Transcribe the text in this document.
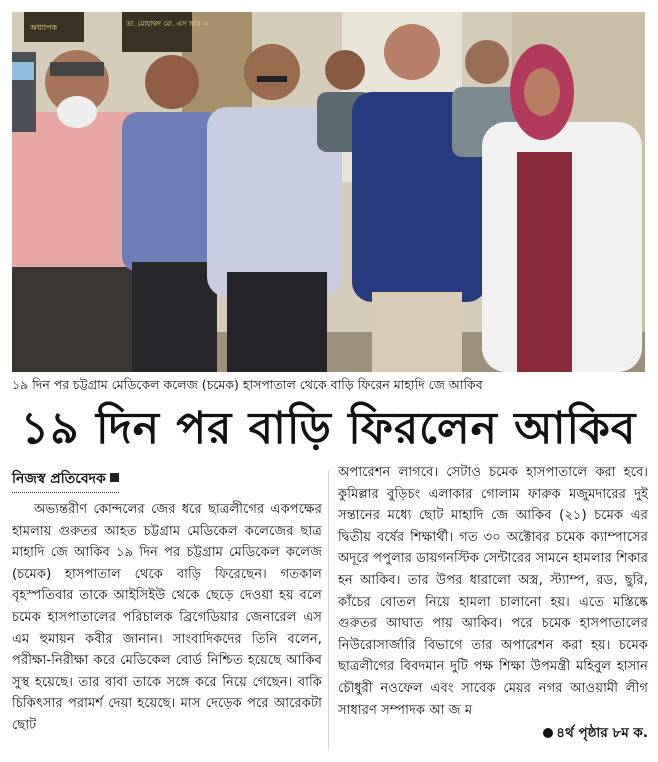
ডা. মোহাম্মদ মো. এস আর এ
অধ্যাপক
১৯ দিন পর চট্টগ্রাম মেডিকেল কলেজ (চমেক) হাসপাতাল থেকে বাড়ি ফিরেন মাহাদি জে আকিব
১৯ দিন পর বাড়ি ফিরলেন আকিব
নিজস্ব প্রতিবেদক

অভ্যন্তরীণ কোন্দলের জের ধরে ছাত্রলীগের একপক্ষের হামলায় গুরুতর আহত চট্টগ্রাম মেডিকেল কলেজের ছাত্র মাহাদি জে আকিব ১৯ দিন পর চট্টগ্রাম মেডিকেল কলেজ (চমেক) হাসপাতাল থেকে বাড়ি ফিরেছেন। গতকাল বৃহস্পতিবার তাকে আইসিইউ থেকে ছেড়ে দেওয়া হয় বলে চমেক হাসপাতালের পরিচালক ব্রিগেডিয়ার জেনারেল এস এম হুমায়ন কবীর জানান। সাংবাদিকদের তিনি বলেন, পরীক্ষা-নিরীক্ষা করে মেডিকেল বোর্ড নিশ্চিত হয়েছে আকিব সুস্থ হয়েছে। তার বাবা তাকে সঙ্গে করে নিয়ে গেছেন। বাকি চিকিৎসার পরামর্শ দেয়া হয়েছে। মাস দেড়েক পরে আরেকটা ছোট

অপারেশন লাগবে। সেটাও চমেক হাসপাতালে করা হবে। কুমিল্লার বুড়িচং এলাকার গোলাম ফারুক মজুমদারের দুই সন্তানের মধ্যে ছোট মাহাদি জে আকিব (২১) চমেক এর দ্বিতীয় বর্ষের শিক্ষার্থী। গত ৩০ অক্টোবর চমেক ক্যাম্পাসের অদূরে পপুলার ডায়গনস্টিক সেন্টারের সামনে হামলার শিকার হন আকিব। তার উপর ধারালো অস্ত্র, স্ট্যাম্প, রড, ছুরি, কাঁচের বোতল নিয়ে হামলা চালানো হয়। এতে মস্তিষ্কে গুরুতর আঘাত পায় আকিব। পরে চমেক হাসপাতালের নিউরোসার্জারি বিভাগে তার অপারেশন করা হয়। চমেক ছাত্রলীগের বিবদমান দুটি পক্ষ শিক্ষা উপমন্ত্রী মহিবুল হাসান চৌধুরী নওফেল এবং সাবেক মেয়র নগর আওয়ামী লীগ সাধারণ সম্পাদক আ জ ম

৪র্থ পৃষ্ঠার ৮ম ক.
